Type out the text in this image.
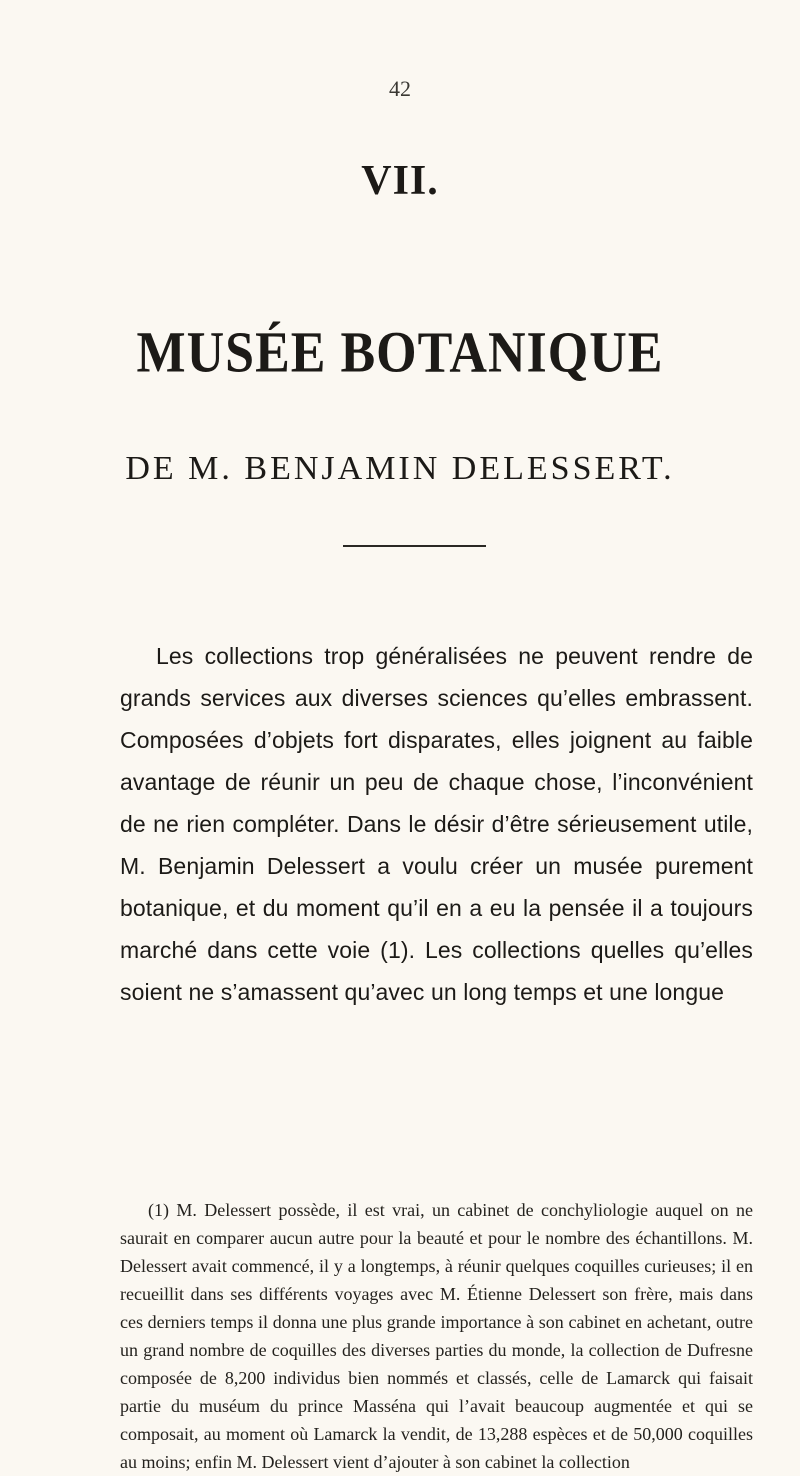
42
VII.
MUSÉE BOTANIQUE
DE M. BENJAMIN DELESSERT.

Les collections trop généralisées ne peuvent rendre de grands services aux diverses sciences qu’elles embrassent. Composées d’objets fort disparates, elles joignent au faible avantage de réunir un peu de chaque chose, l’inconvénient de ne rien compléter. Dans le désir d’être sérieusement utile, M. Benjamin Delessert a voulu créer un musée purement botanique, et du moment qu’il en a eu la pensée il a toujours marché dans cette voie (1). Les collections quelles qu’elles soient ne s’amassent qu’avec un long temps et une longue

(1) M. Delessert possède, il est vrai, un cabinet de conchyliologie auquel on ne saurait en comparer aucun autre pour la beauté et pour le nombre des échantillons. M. Delessert avait commencé, il y a longtemps, à réunir quelques coquilles curieuses; il en recueillit dans ses différents voyages avec M. Étienne Delessert son frère, mais dans ces derniers temps il donna une plus grande importance à son cabinet en achetant, outre un grand nombre de coquilles des diverses parties du monde, la collection de Dufresne composée de 8,200 individus bien nommés et classés, celle de Lamarck qui faisait partie du muséum du prince Masséna qui l’avait beaucoup augmentée et qui se composait, au moment où Lamarck la vendit, de 13,288 espèces et de 50,000 coquilles au moins; enfin M. Delessert vient d’ajouter à son cabinet la collection
